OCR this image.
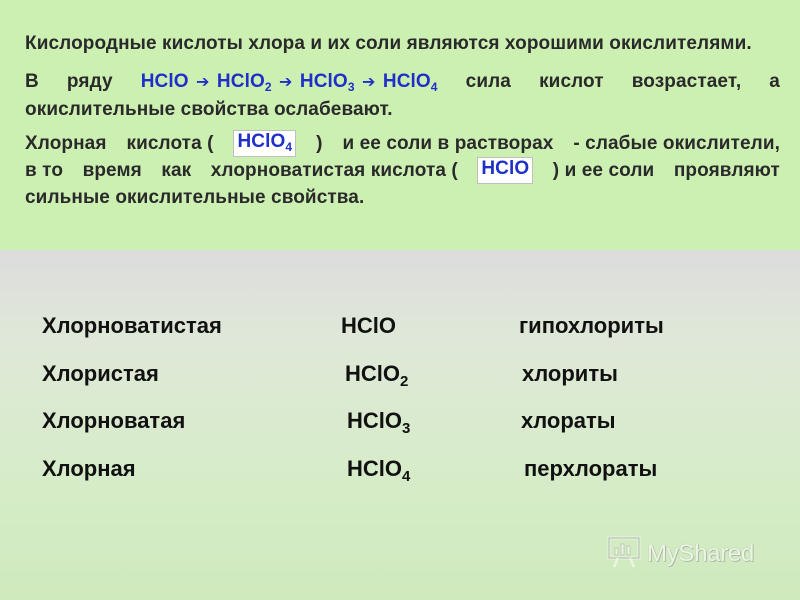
Кислородные кислоты хлора и их соли являются хорошими окислителями.
В ряду HClO ➔ HClO$_2$ ➔ HClO$_3$ ➔ HClO$_4$ сила кислот возрастает, а
окислительные свойства ослабевают.
Хлорная кислота ( HClO$_4$ ) и ее соли в растворах - слабые окислители,
в то время как хлорноватистая кислота ( HClO ) и ее соли проявляют
сильные окислительные свойства.
Хлорноватистая	HClO	гипохлориты
Хлористая	HClO$_2$	хлориты
Хлорноватая	HClO$_3$	хлораты
Хлорная	HClO$_4$	перхлораты
MyShared
